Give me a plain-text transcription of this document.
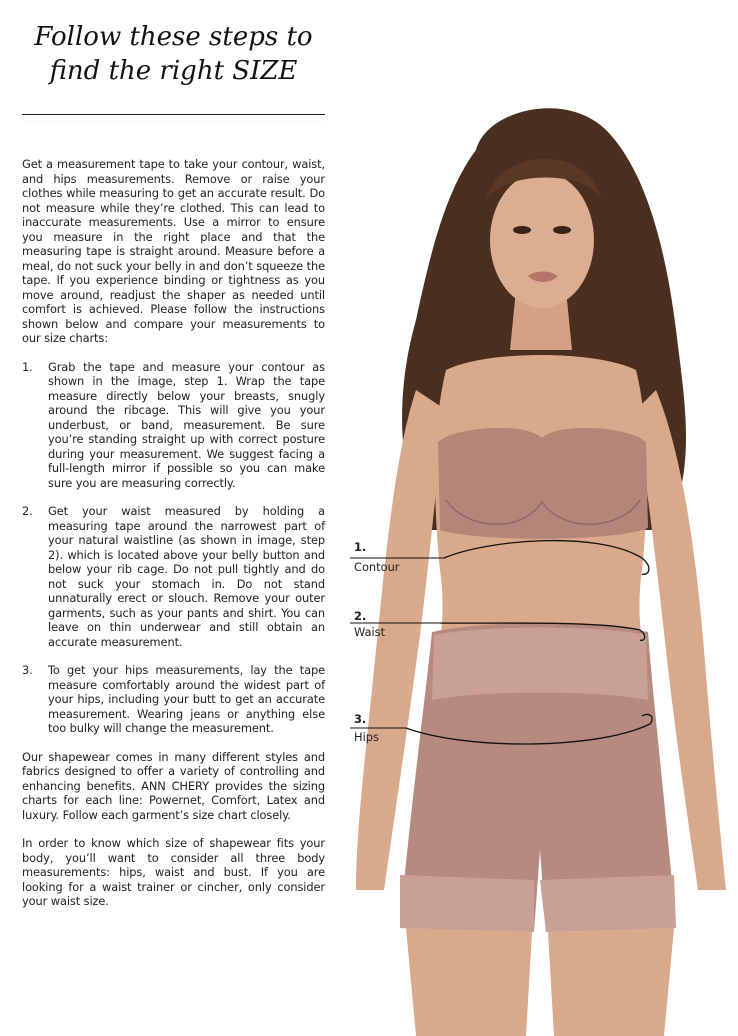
Follow these steps to
find the right SIZE

Get a measurement tape to take your contour, waist, and hips measurements. Remove or raise your clothes while measuring to get an accurate result. Do not measure while they’re clothed. This can lead to inaccurate measurements. Use a mirror to ensure you measure in the right place and that the measuring tape is straight around. Measure before a meal, do not suck your belly in and don’t squeeze the tape. If you experience binding or tightness as you move around, readjust the shaper as needed until comfort is achieved. Please follow the instructions shown below and compare your measurements to our size charts:

1. Grab the tape and measure your contour as shown in the image, step 1. Wrap the tape measure directly below your breasts, snugly around the ribcage. This will give you your underbust, or band, measurement. Be sure you’re standing straight up with correct posture during your measurement. We suggest facing a full-length mirror if possible so you can make sure you are measuring correctly.
2. Get your waist measured by holding a measuring tape around the narrowest part of your natural waistline (as shown in image, step 2). which is located above your belly button and below your rib cage. Do not pull tightly and do not suck your stomach in. Do not stand unnaturally erect or slouch. Remove your outer garments, such as your pants and shirt. You can leave on thin underwear and still obtain an accurate measurement.
3. To get your hips measurements, lay the tape measure comfortably around the widest part of your hips, including your butt to get an accurate measurement. Wearing jeans or anything else too bulky will change the measurement.

Our shapewear comes in many different styles and fabrics designed to offer a variety of controlling and enhancing benefits. ANN CHERY provides the sizing charts for each line: Powernet, Comfort, Latex and luxury. Follow each garment’s size chart closely.

In order to know which size of shapewear fits your body, you’ll want to consider all three body measurements: hips, waist and bust. If you are looking for a waist trainer or cincher, only consider your waist size.

1.
Contour
2.
Waist
3.
Hips
